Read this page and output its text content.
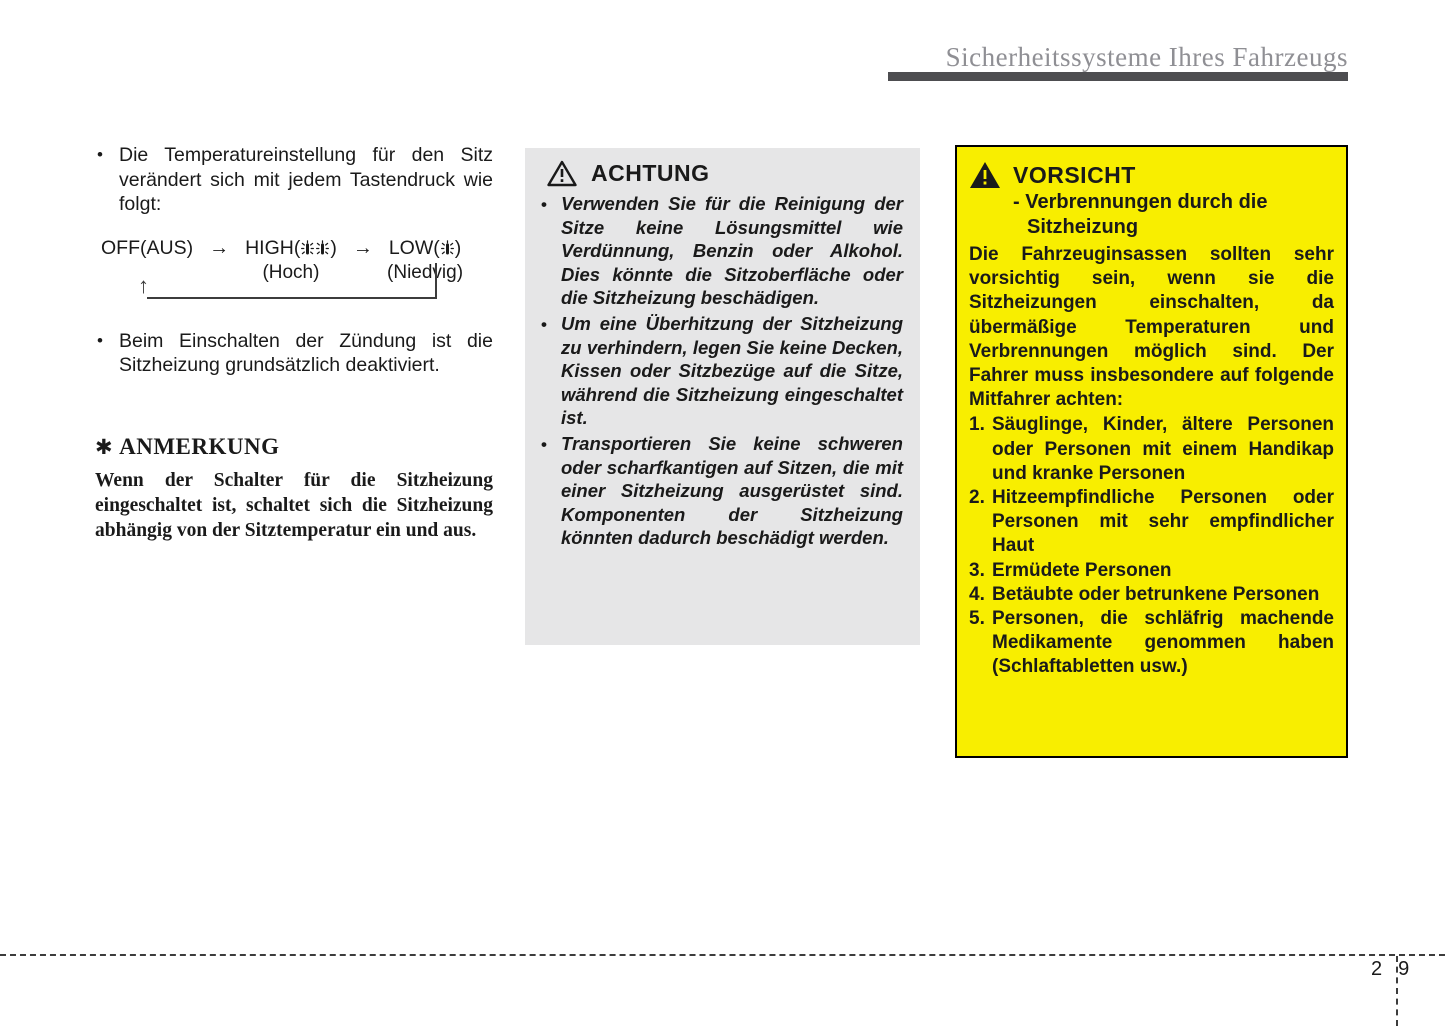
Sicherheitssysteme Ihres Fahrzeugs
• Die Temperatureinstellung für den Sitz verändert sich mit jedem Tastendruck wie folgt:
OFF(AUS) → HIGH( )
(Hoch)
→ LOW( )
(Niedvig)
↑
• Beim Einschalten der Zündung ist die Sitzheizung grundsätzlich deaktiviert.
✱ ANMERKUNG
Wenn der Schalter für die Sitzheizung eingeschaltet ist, schaltet sich die Sitzheizung abhängig von der Sitztemperatur ein und aus.
ACHTUNG
• Verwenden Sie für die Reinigung der Sitze keine Lösungsmittel wie Verdünnung, Benzin oder Alkohol. Dies könnte die Sitzoberfläche oder die Sitzheizung beschädigen.
• Um eine Überhitzung der Sitzheizung zu verhindern, legen Sie keine Decken, Kissen oder Sitzbezüge auf die Sitze, während die Sitzheizung eingeschaltet ist.
• Transportieren Sie keine schweren oder scharfkantigen auf Sitzen, die mit einer Sitzheizung ausgerüstet sind. Komponenten der Sitzheizung könnten dadurch beschädigt werden.
VORSICHT
- Verbrennungen durch die
Sitzheizung
Die Fahrzeuginsassen sollten sehr vorsichtig sein, wenn sie die Sitzheizungen einschalten, da übermäßige Temperaturen und Verbrennungen möglich sind. Der Fahrer muss insbesondere auf folgende Mitfahrer achten:
1. Säuglinge, Kinder, ältere Personen oder Personen mit einem Handikap und kranke Personen
2. Hitzeempfindliche Personen oder Personen mit sehr empfindlicher Haut
3. Ermüdete Personen
4. Betäubte oder betrunkene Personen
5. Personen, die schläfrig machende Medikamente genommen haben (Schlaftabletten usw.)
2 9
